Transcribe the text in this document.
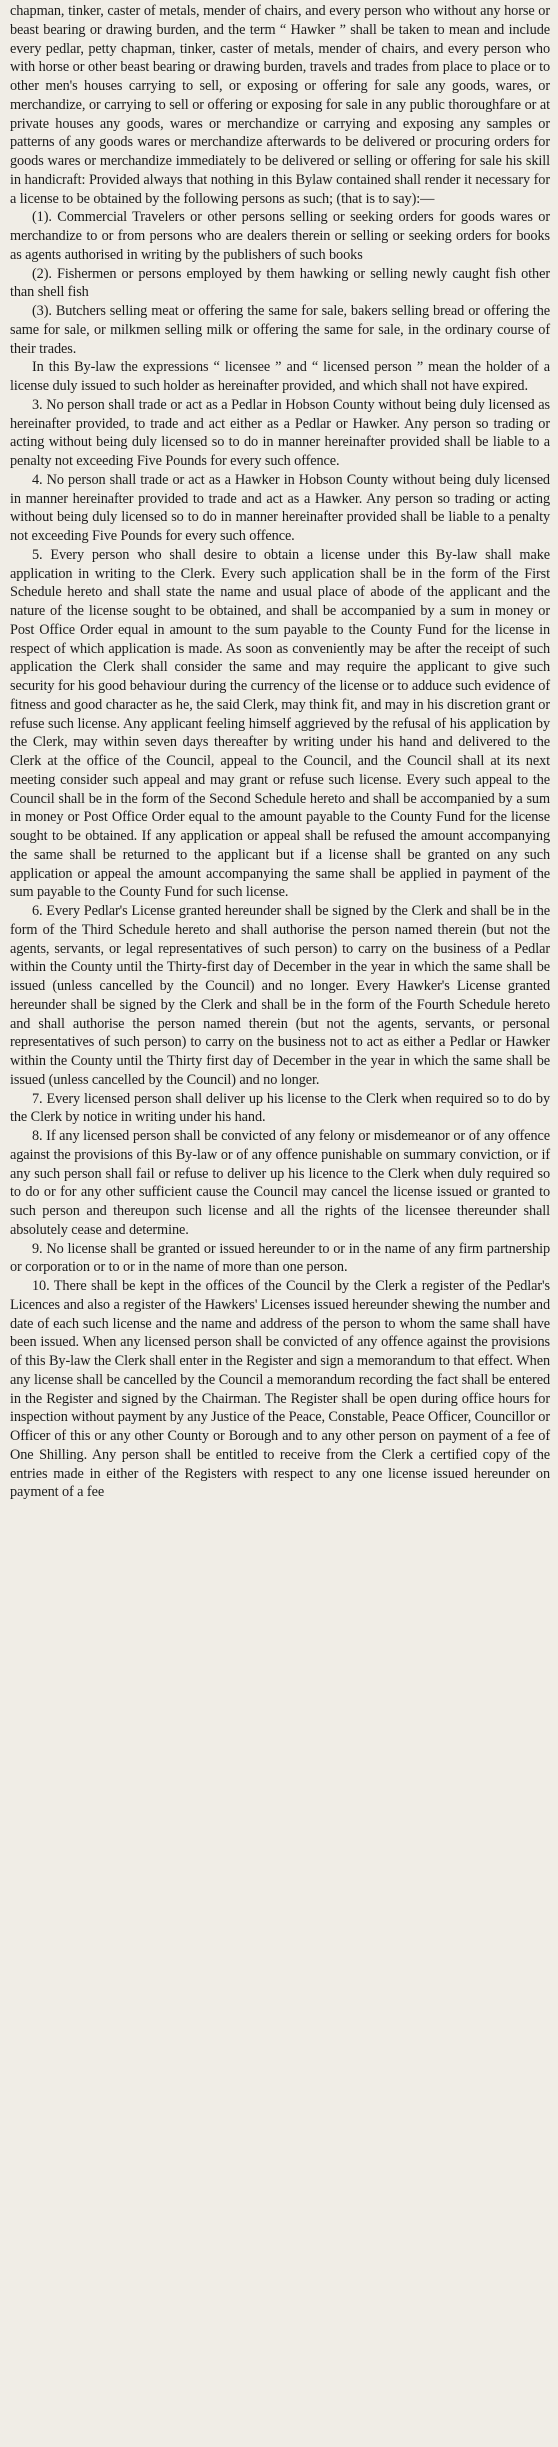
chapman, tinker, caster of metals, mender of chairs, and every person who without any horse or beast bearing or drawing burden, and the term “ Hawker ” shall be taken to mean and include every pedlar, petty chapman, tinker, caster of metals, mender of chairs, and every person who with horse or other beast bearing or drawing burden, travels and trades from place to place or to other men's houses carrying to sell, or exposing or offering for sale any goods, wares, or merchandize, or carrying to sell or offering or exposing for sale in any public thoroughfare or at private houses any goods, wares or merchandize or carrying and exposing any samples or patterns of any goods wares or merchandize afterwards to be delivered or procuring orders for goods wares or merchandize immediately to be delivered or selling or offering for sale his skill in handicraft: Provided always that nothing in this Bylaw contained shall render it necessary for a license to be obtained by the following persons as such; (that is to say):—

(1). Commercial Travelers or other persons selling or seeking orders for goods wares or merchandize to or from persons who are dealers therein or selling or seeking orders for books as agents authorised in writing by the publishers of such books

(2). Fishermen or persons employed by them hawking or selling newly caught fish other than shell fish

(3). Butchers selling meat or offering the same for sale, bakers selling bread or offering the same for sale, or milkmen selling milk or offering the same for sale, in the ordinary course of their trades.

In this By-law the expressions “ licensee ” and “ licensed person ” mean the holder of a license duly issued to such holder as hereinafter provided, and which shall not have expired.

3. No person shall trade or act as a Pedlar in Hobson County without being duly licensed as hereinafter provided, to trade and act either as a Pedlar or Hawker. Any person so trading or acting without being duly licensed so to do in manner hereinafter provided shall be liable to a penalty not exceeding Five Pounds for every such offence.

4. No person shall trade or act as a Hawker in Hobson County without being duly licensed in manner hereinafter provided to trade and act as a Hawker. Any person so trading or acting without being duly licensed so to do in manner hereinafter provided shall be liable to a penalty not exceeding Five Pounds for every such offence.

5. Every person who shall desire to obtain a license under this By-law shall make application in writing to the Clerk. Every such application shall be in the form of the First Schedule hereto and shall state the name and usual place of abode of the applicant and the nature of the license sought to be obtained, and shall be accompanied by a sum in money or Post Office Order equal in amount to the sum payable to the County Fund for the license in respect of which application is made. As soon as conveniently may be after the receipt of such application the Clerk shall consider the same and may require the applicant to give such security for his good behaviour during the currency of the license or to adduce such evidence of fitness and good character as he, the said Clerk, may think fit, and may in his discretion grant or refuse such license. Any applicant feeling himself aggrieved by the refusal of his application by the Clerk, may within seven days thereafter by writing under his hand and delivered to the Clerk at the office of the Council, appeal to the Council, and the Council shall at its next meeting consider such appeal and may grant or refuse such license. Every such appeal to the Council shall be in the form of the Second Schedule hereto and shall be accompanied by a sum in money or Post Office Order equal to the amount payable to the County Fund for the license sought to be obtained. If any application or appeal shall be refused the amount accompanying the same shall be returned to the applicant but if a license shall be granted on any such application or appeal the amount accompanying the same shall be applied in payment of the sum payable to the County Fund for such license.

6. Every Pedlar's License granted hereunder shall be signed by the Clerk and shall be in the form of the Third Schedule hereto and shall authorise the person named therein (but not the agents, servants, or legal representatives of such person) to carry on the business of a Pedlar within the County until the Thirty-first day of December in the year in which the same shall be issued (unless cancelled by the Council) and no longer. Every Hawker's License granted hereunder shall be signed by the Clerk and shall be in the form of the Fourth Schedule hereto and shall authorise the person named therein (but not the agents, servants, or personal representatives of such person) to carry on the business not to act as either a Pedlar or Hawker within the County until the Thirty first day of December in the year in which the same shall be issued (unless cancelled by the Council) and no longer.

7. Every licensed person shall deliver up his license to the Clerk when required so to do by the Clerk by notice in writing under his hand.

8. If any licensed person shall be convicted of any felony or misdemeanor or of any offence against the provisions of this By-law or of any offence punishable on summary conviction, or if any such person shall fail or refuse to deliver up his licence to the Clerk when duly required so to do or for any other sufficient cause the Council may cancel the license issued or granted to such person and thereupon such license and all the rights of the licensee thereunder shall absolutely cease and determine.

9. No license shall be granted or issued hereunder to or in the name of any firm partnership or corporation or to or in the name of more than one person.

10. There shall be kept in the offices of the Council by the Clerk a register of the Pedlar's Licences and also a register of the Hawkers' Licenses issued hereunder shewing the number and date of each such license and the name and address of the person to whom the same shall have been issued. When any licensed person shall be convicted of any offence against the provisions of this By-law the Clerk shall enter in the Register and sign a memorandum to that effect. When any license shall be cancelled by the Council a memorandum recording the fact shall be entered in the Register and signed by the Chairman. The Register shall be open during office hours for inspection without payment by any Justice of the Peace, Constable, Peace Officer, Councillor or Officer of this or any other County or Borough and to any other person on payment of a fee of One Shilling. Any person shall be entitled to receive from the Clerk a certified copy of the entries made in either of the Registers with respect to any one license issued hereunder on payment of a fee
